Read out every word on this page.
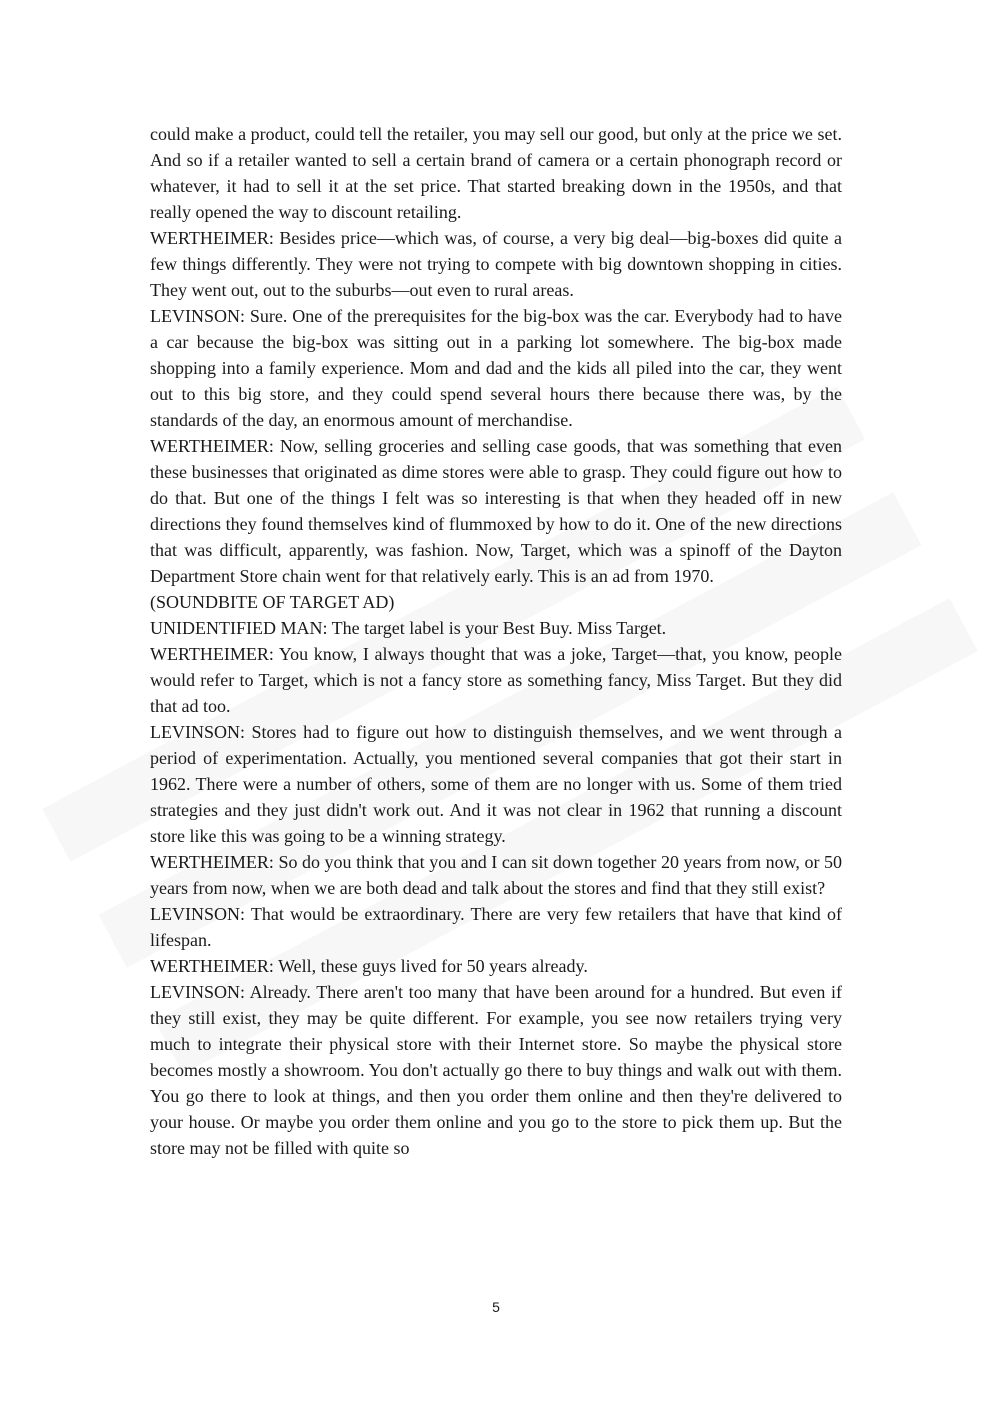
could make a product, could tell the retailer, you may sell our good, but only at the price we set. And so if a retailer wanted to sell a certain brand of camera or a certain phonograph record or whatever, it had to sell it at the set price. That started breaking down in the 1950s, and that really opened the way to discount retailing.

WERTHEIMER: Besides price—which was, of course, a very big deal—big-boxes did quite a few things differently. They were not trying to compete with big downtown shopping in cities. They went out, out to the suburbs—out even to rural areas.

LEVINSON: Sure. One of the prerequisites for the big-box was the car. Everybody had to have a car because the big-box was sitting out in a parking lot somewhere. The big-box made shopping into a family experience. Mom and dad and the kids all piled into the car, they went out to this big store, and they could spend several hours there because there was, by the standards of the day, an enormous amount of merchandise.

WERTHEIMER: Now, selling groceries and selling case goods, that was something that even these businesses that originated as dime stores were able to grasp. They could figure out how to do that. But one of the things I felt was so interesting is that when they headed off in new directions they found themselves kind of flummoxed by how to do it. One of the new directions that was difficult, apparently, was fashion. Now, Target, which was a spinoff of the Dayton Department Store chain went for that relatively early. This is an ad from 1970.

(SOUNDBITE OF TARGET AD)

UNIDENTIFIED MAN: The target label is your Best Buy. Miss Target.

WERTHEIMER: You know, I always thought that was a joke, Target—that, you know, people would refer to Target, which is not a fancy store as something fancy, Miss Target. But they did that ad too.

LEVINSON: Stores had to figure out how to distinguish themselves, and we went through a period of experimentation. Actually, you mentioned several companies that got their start in 1962. There were a number of others, some of them are no longer with us. Some of them tried strategies and they just didn't work out. And it was not clear in 1962 that running a discount store like this was going to be a winning strategy.

WERTHEIMER: So do you think that you and I can sit down together 20 years from now, or 50 years from now, when we are both dead and talk about the stores and find that they still exist?

LEVINSON: That would be extraordinary. There are very few retailers that have that kind of lifespan.

WERTHEIMER: Well, these guys lived for 50 years already.

LEVINSON: Already. There aren't too many that have been around for a hundred. But even if they still exist, they may be quite different. For example, you see now retailers trying very much to integrate their physical store with their Internet store. So maybe the physical store becomes mostly a showroom. You don't actually go there to buy things and walk out with them. You go there to look at things, and then you order them online and then they're delivered to your house. Or maybe you order them online and you go to the store to pick them up. But the store may not be filled with quite so

5
